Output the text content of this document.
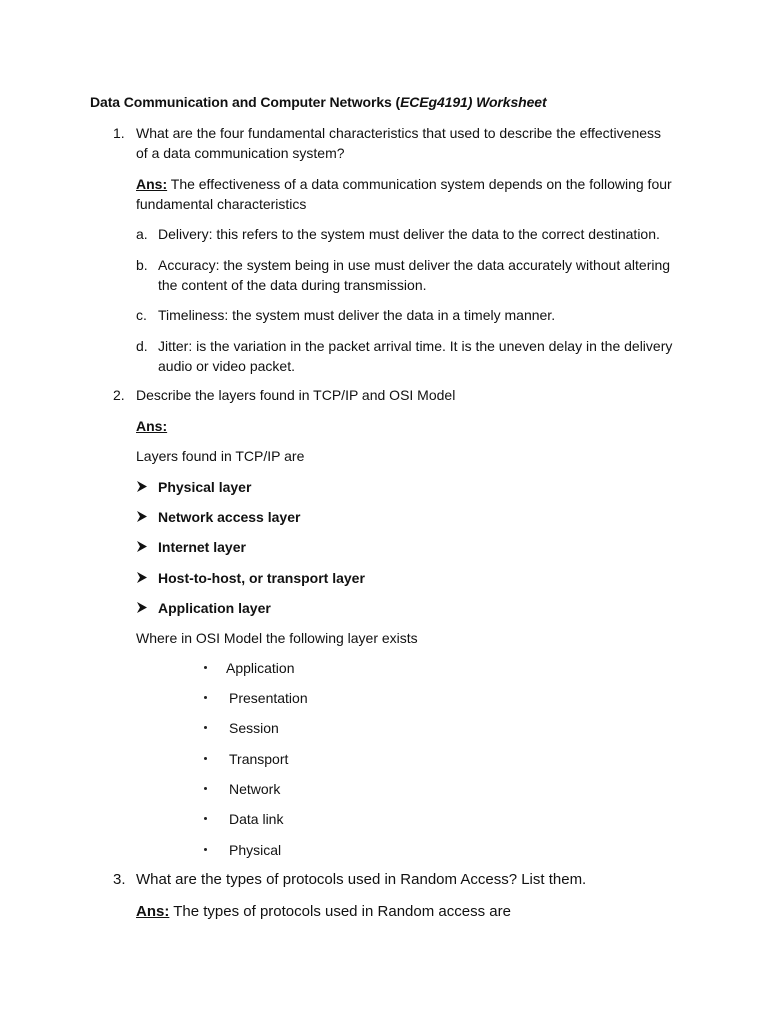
Data Communication and Computer Networks (ECEg4191) Worksheet
1. What are the four fundamental characteristics that used to describe the effectiveness
of a data communication system?
Ans: The effectiveness of a data communication system depends on the following four
fundamental characteristics
a. Delivery: this refers to the system must deliver the data to the correct destination.
b. Accuracy: the system being in use must deliver the data accurately without altering
the content of the data during transmission.
c. Timeliness: the system must deliver the data in a timely manner.
d. Jitter: is the variation in the packet arrival time. It is the uneven delay in the delivery
audio or video packet.
2. Describe the layers found in TCP/IP and OSI Model
Ans:
Layers found in TCP/IP are
Physical layer
Network access layer
Internet layer
Host-to-host, or transport layer
Application layer
Where in OSI Model the following layer exists
Application
Presentation
Session
Transport
Network
Data link
Physical
3. What are the types of protocols used in Random Access? List them.
Ans: The types of protocols used in Random access are
